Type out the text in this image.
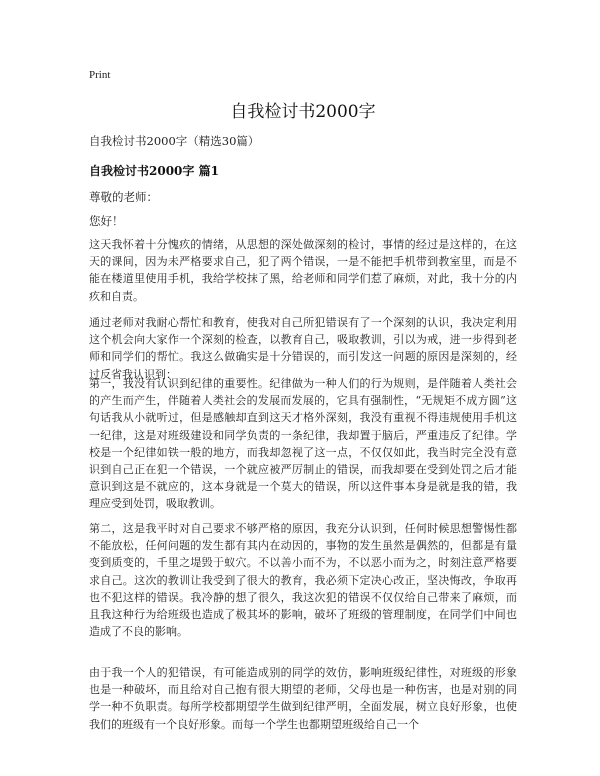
Print
自我检讨书2000字
自我检讨书2000字（精选30篇）
自我检讨书2000字 篇1
尊敬的老师：
您好！

这天我怀着十分愧疚的情绪，从思想的深处做深刻的检讨，事情的经过是这样的，在这天的课间，因为未严格要求自己，犯了两个错误，一是不能把手机带到教室里，而是不能在楼道里使用手机，我给学校抹了黑，给老师和同学们惹了麻烦，对此，我十分的内疚和自责。

通过老师对我耐心帮忙和教育，使我对自己所犯错误有了一个深刻的认识，我决定利用这个机会向大家作一个深刻的检查，以教育自己，吸取教训，引以为戒，进一步得到老师和同学们的帮忙。我这么做确实是十分错误的，而引发这一问题的原因是深刻的，经过反省我认识到：

第一，我没有认识到纪律的重要性。纪律做为一种人们的行为规则，是伴随着人类社会的产生而产生，伴随着人类社会的发展而发展的，它具有强制性，“无规矩不成方圆”这句话我从小就听过，但是感触却直到这天才格外深刻，我没有重视不得违规使用手机这一纪律，这是对班级建设和同学负责的一条纪律，我却置于脑后，严重违反了纪律。学校是一个纪律如铁一般的地方，而我却忽视了这一点，不仅仅如此，我当时完全没有意识到自己正在犯一个错误，一个就应被严厉制止的错误，而我却要在受到处罚之后才能意识到这是不就应的，这本身就是一个莫大的错误，所以这件事本身是就是我的错，我理应受到处罚，吸取教训。

第二，这是我平时对自己要求不够严格的原因，我充分认识到，任何时候思想警惕性都不能放松，任何问题的发生都有其内在动因的，事物的发生虽然是偶然的，但都是有量变到质变的，千里之堤毁于蚁穴。不以善小而不为，不以恶小而为之，时刻注意严格要求自己。这次的教训让我受到了很大的教育，我必须下定决心改正，坚决悔改，争取再也不犯这样的错误。我冷静的想了很久，我这次犯的错误不仅仅给自己带来了麻烦，而且我这种行为给班级也造成了极其坏的影响，破坏了班级的管理制度，在同学们中间也造成了不良的影响。

由于我一个人的犯错误，有可能造成别的同学的效仿，影响班级纪律性，对班级的形象也是一种破坏，而且给对自己抱有很大期望的老师，父母也是一种伤害，也是对别的同学一种不负职责。每所学校都期望学生做到纪律严明，全面发展，树立良好形象，也使我们的班级有一个良好形象。而每一个学生也都期望班级给自己一个
